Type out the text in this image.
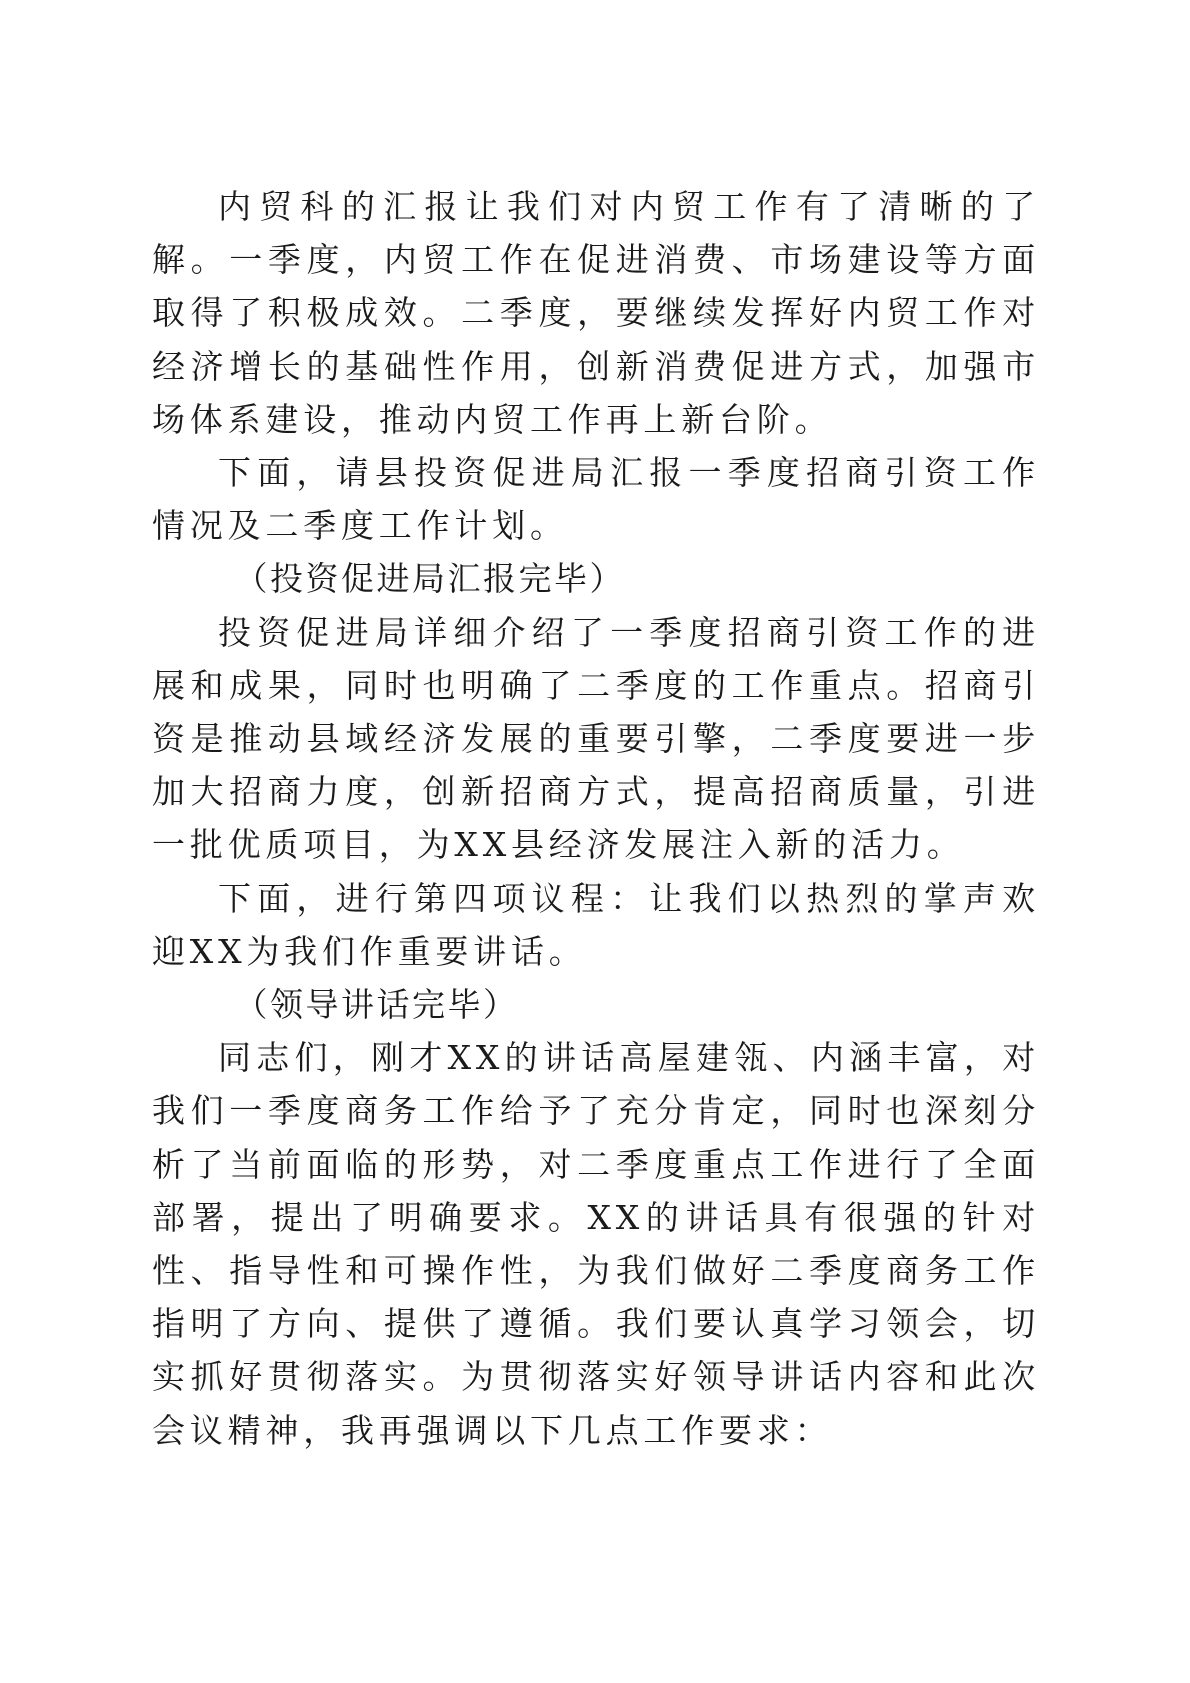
内贸科的汇报让我们对内贸工作有了清晰的了解。一季度，内贸工作在促进消费、市场建设等方面取得了积极成效。二季度，要继续发挥好内贸工作对经济增长的基础性作用，创新消费促进方式，加强市场体系建设，推动内贸工作再上新台阶。

下面，请县投资促进局汇报一季度招商引资工作情况及二季度工作计划。

（投资促进局汇报完毕）

投资促进局详细介绍了一季度招商引资工作的进展和成果，同时也明确了二季度的工作重点。招商引资是推动县域经济发展的重要引擎，二季度要进一步加大招商力度，创新招商方式，提高招商质量，引进一批优质项目，为XX县经济发展注入新的活力。

下面，进行第四项议程：让我们以热烈的掌声欢迎XX为我们作重要讲话。

（领导讲话完毕）

同志们，刚才XX的讲话高屋建瓴、内涵丰富，对我们一季度商务工作给予了充分肯定，同时也深刻分析了当前面临的形势，对二季度重点工作进行了全面部署，提出了明确要求。XX的讲话具有很强的针对性、指导性和可操作性，为我们做好二季度商务工作指明了方向、提供了遵循。我们要认真学习领会，切实抓好贯彻落实。为贯彻落实好领导讲话内容和此次会议精神，我再强调以下几点工作要求：
